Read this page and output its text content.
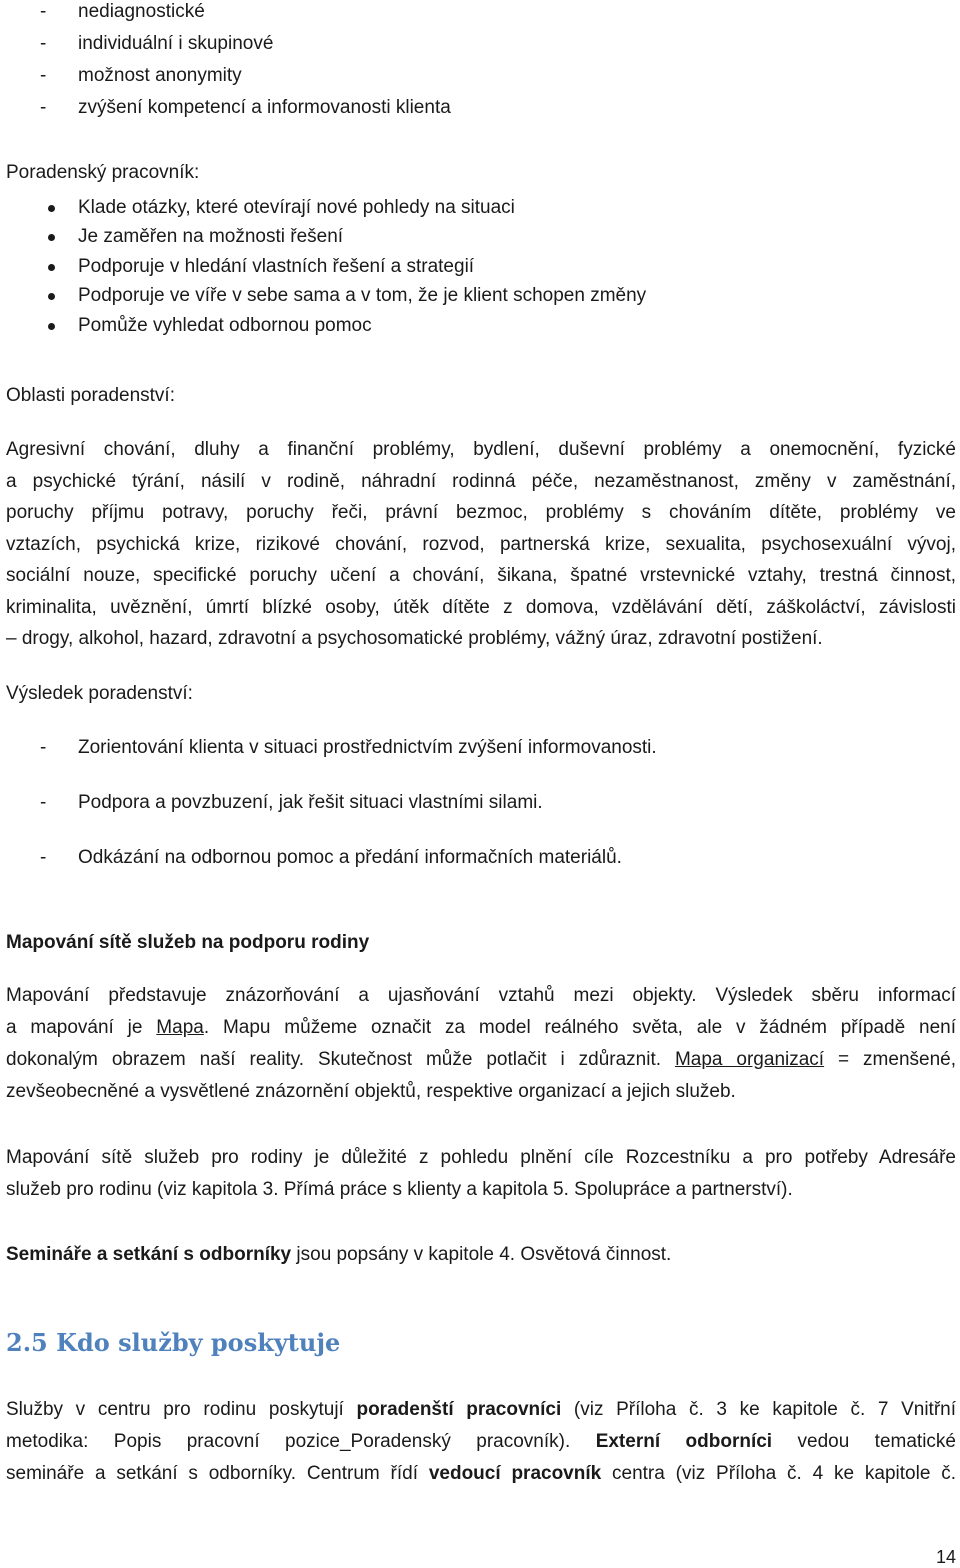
- nediagnostické
- individuální i skupinové
- možnost anonymity
- zvýšení kompetencí a informovanosti klienta
Poradenský pracovník:
Klade otázky, které otevírají nové pohledy na situaci
Je zaměřen na možnosti řešení
Podporuje v hledání vlastních řešení a strategií
Podporuje ve víře v sebe sama a v tom, že je klient schopen změny
Pomůže vyhledat odbornou pomoc
Oblasti poradenství:
Agresivní chování, dluhy a finanční problémy, bydlení, duševní problémy a onemocnění, fyzické
a psychické týrání, násilí v rodině, náhradní rodinná péče, nezaměstnanost, změny v zaměstnání,
poruchy příjmu potravy, poruchy řeči, právní bezmoc, problémy s chováním dítěte, problémy ve
vztazích, psychická krize, rizikové chování, rozvod, partnerská krize, sexualita, psychosexuální vývoj,
sociální nouze, specifické poruchy učení a chování, šikana, špatné vrstevnické vztahy, trestná činnost,
kriminalita, uvěznění, úmrtí blízké osoby, útěk dítěte z domova, vzdělávání dětí, záškoláctví, závislosti
– drogy, alkohol, hazard, zdravotní a psychosomatické problémy, vážný úraz, zdravotní postižení.
Výsledek poradenství:
- Zorientování klienta v situaci prostřednictvím zvýšení informovanosti.
- Podpora a povzbuzení, jak řešit situaci vlastními silami.
- Odkázání na odbornou pomoc a předání informačních materiálů.
Mapování sítě služeb na podporu rodiny
Mapování představuje znázorňování a ujasňování vztahů mezi objekty. Výsledek sběru informací
a mapování je Mapa. Mapu můžeme označit za model reálného světa, ale v žádném případě není
dokonalým obrazem naší reality. Skutečnost může potlačit i zdůraznit. Mapa organizací = zmenšené,
zevšeobecněné a vysvětlené znázornění objektů, respektive organizací a jejich služeb.
Mapování sítě služeb pro rodiny je důležité z pohledu plnění cíle Rozcestníku a pro potřeby Adresáře
služeb pro rodinu (viz kapitola 3. Přímá práce s klienty a kapitola 5. Spolupráce a partnerství).
Semináře a setkání s odborníky jsou popsány v kapitole 4. Osvětová činnost.
2.5 Kdo služby poskytuje
Služby v centru pro rodinu poskytují poradenští pracovníci (viz Příloha č. 3 ke kapitole č. 7 Vnitřní
metodika: Popis pracovní pozice_Poradenský pracovník). Externí odborníci vedou tematické
semináře a setkání s odborníky. Centrum řídí vedoucí pracovník centra (viz Příloha č. 4 ke kapitole č.
14
